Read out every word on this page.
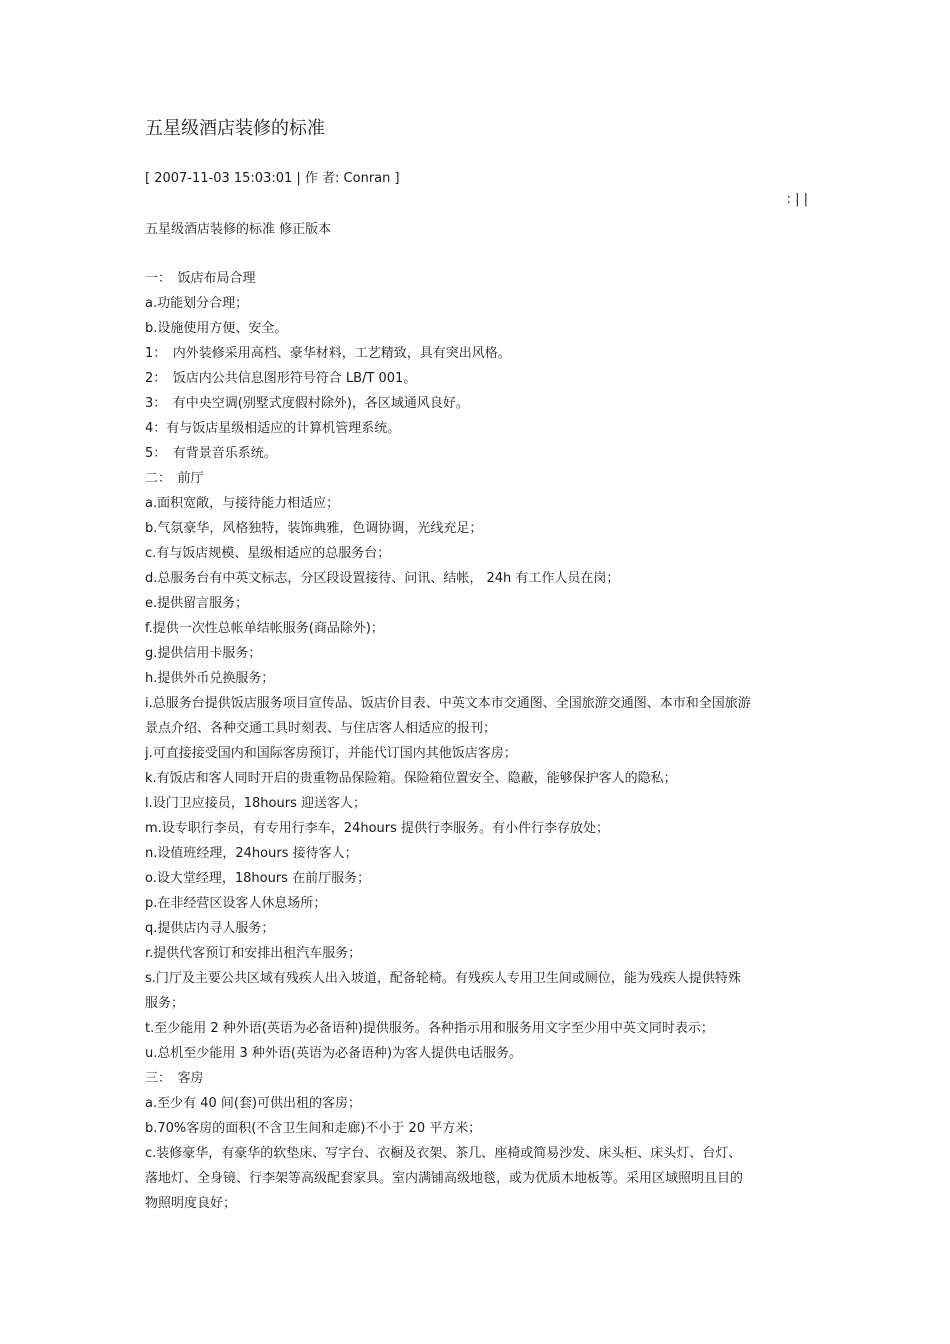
五星级酒店装修的标准
[ 2007-11-03 15:03:01 | 作 者: Conran ]
: | |
五星级酒店装修的标准 修正版本
一：　饭店布局合理
a.功能划分合理；
b.设施使用方便、安全。
1：　内外装修采用高档、豪华材料，工艺精致，具有突出风格。
2：　饭店内公共信息图形符号符合 LB/T 001。
3：　有中央空调(别墅式度假村除外)，各区域通风良好。
4：有与饭店星级相适应的计算机管理系统。
5：　有背景音乐系统。
二：　前厅
a.面积宽敞，与接待能力相适应；
b.气氛豪华，风格独特，装饰典雅，色调协调，光线充足；
c.有与饭店规模、星级相适应的总服务台；
d.总服务台有中英文标志，分区段设置接待、问讯、结帐， 24h 有工作人员在岗；
e.提供留言服务；
f.提供一次性总帐单结帐服务(商品除外)；
g.提供信用卡服务；
h.提供外币兑换服务；
i.总服务台提供饭店服务项目宣传品、饭店价目表、中英文本市交通图、全国旅游交通图、本市和全国旅游
景点介绍、各种交通工具时刻表、与住店客人相适应的报刊；
j.可直接接受国内和国际客房预订，并能代订国内其他饭店客房；
k.有饭店和客人同时开启的贵重物品保险箱。保险箱位置安全、隐蔽，能够保护客人的隐私；
l.设门卫应接员，18hours 迎送客人；
m.设专职行李员，有专用行李车，24hours 提供行李服务。有小件行李存放处；
n.设值班经理，24hours 接待客人；
o.设大堂经理，18hours 在前厅服务；
p.在非经营区设客人休息场所；
q.提供店内寻人服务；
r.提供代客预订和安排出租汽车服务；
s.门厅及主要公共区域有残疾人出入坡道，配备轮椅。有残疾人专用卫生间或厕位，能为残疾人提供特殊
服务；
t.至少能用 2 种外语(英语为必备语种)提供服务。各种指示用和服务用文字至少用中英文同时表示；
u.总机至少能用 3 种外语(英语为必备语种)为客人提供电话服务。
三：　客房
a.至少有 40 间(套)可供出租的客房；
b.70%客房的面积(不含卫生间和走廊)不小于 20 平方米；
c.装修豪华，有豪华的软垫床、写字台、衣橱及衣架、茶几、座椅或简易沙发、床头柜、床头灯、台灯、
落地灯、全身镜、行李架等高级配套家具。室内满铺高级地毯，或为优质木地板等。采用区域照明且目的
物照明度良好；
